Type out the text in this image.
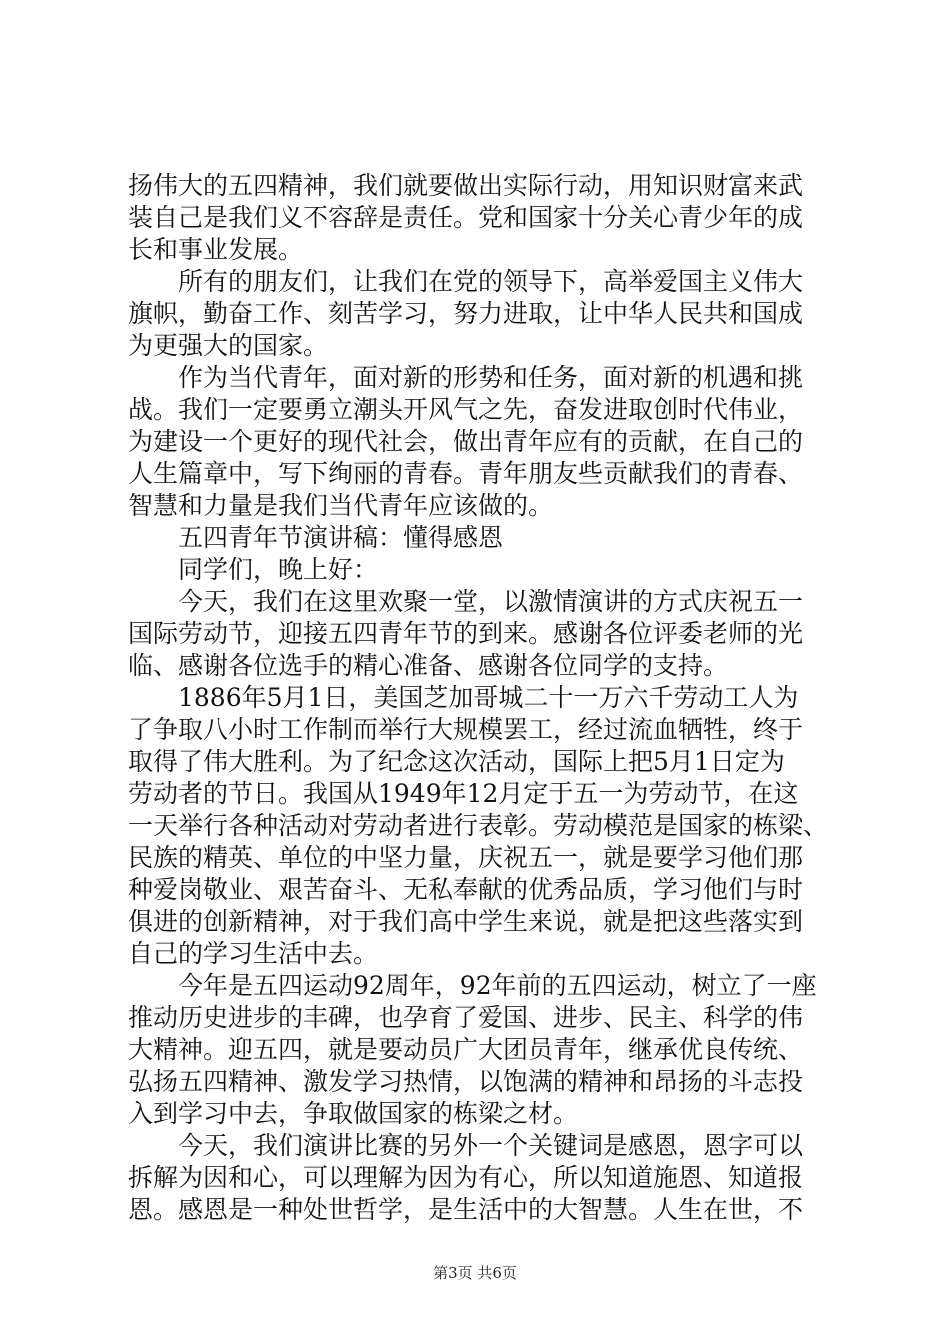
扬伟大的五四精神，我们就要做出实际行动，用知识财富来武
装自己是我们义不容辞是责任。党和国家十分关心青少年的成
长和事业发展。
所有的朋友们，让我们在党的领导下，高举爱国主义伟大
旗帜，勤奋工作、刻苦学习，努力进取，让中华人民共和国成
为更强大的国家。
作为当代青年，面对新的形势和任务，面对新的机遇和挑
战。我们一定要勇立潮头开风气之先，奋发进取创时代伟业，
为建设一个更好的现代社会，做出青年应有的贡献，在自己的
人生篇章中，写下绚丽的青春。青年朋友些贡献我们的青春、
智慧和力量是我们当代青年应该做的。
五四青年节演讲稿：懂得感恩
同学们，晚上好：
今天，我们在这里欢聚一堂，以激情演讲的方式庆祝五一
国际劳动节，迎接五四青年节的到来。感谢各位评委老师的光
临、感谢各位选手的精心准备、感谢各位同学的支持。
1886年5月1日，美国芝加哥城二十一万六千劳动工人为
了争取八小时工作制而举行大规模罢工，经过流血牺牲，终于
取得了伟大胜利。为了纪念这次活动，国际上把5月1日定为
劳动者的节日。我国从1949年12月定于五一为劳动节，在这
一天举行各种活动对劳动者进行表彰。劳动模范是国家的栋梁、
民族的精英、单位的中坚力量，庆祝五一，就是要学习他们那
种爱岗敬业、艰苦奋斗、无私奉献的优秀品质，学习他们与时
俱进的创新精神，对于我们高中学生来说，就是把这些落实到
自己的学习生活中去。
今年是五四运动92周年，92年前的五四运动，树立了一座
推动历史进步的丰碑，也孕育了爱国、进步、民主、科学的伟
大精神。迎五四，就是要动员广大团员青年，继承优良传统、
弘扬五四精神、激发学习热情，以饱满的精神和昂扬的斗志投
入到学习中去，争取做国家的栋梁之材。
今天，我们演讲比赛的另外一个关键词是感恩，恩字可以
拆解为因和心，可以理解为因为有心，所以知道施恩、知道报
恩。感恩是一种处世哲学，是生活中的大智慧。人生在世，不
第3页 共6页
